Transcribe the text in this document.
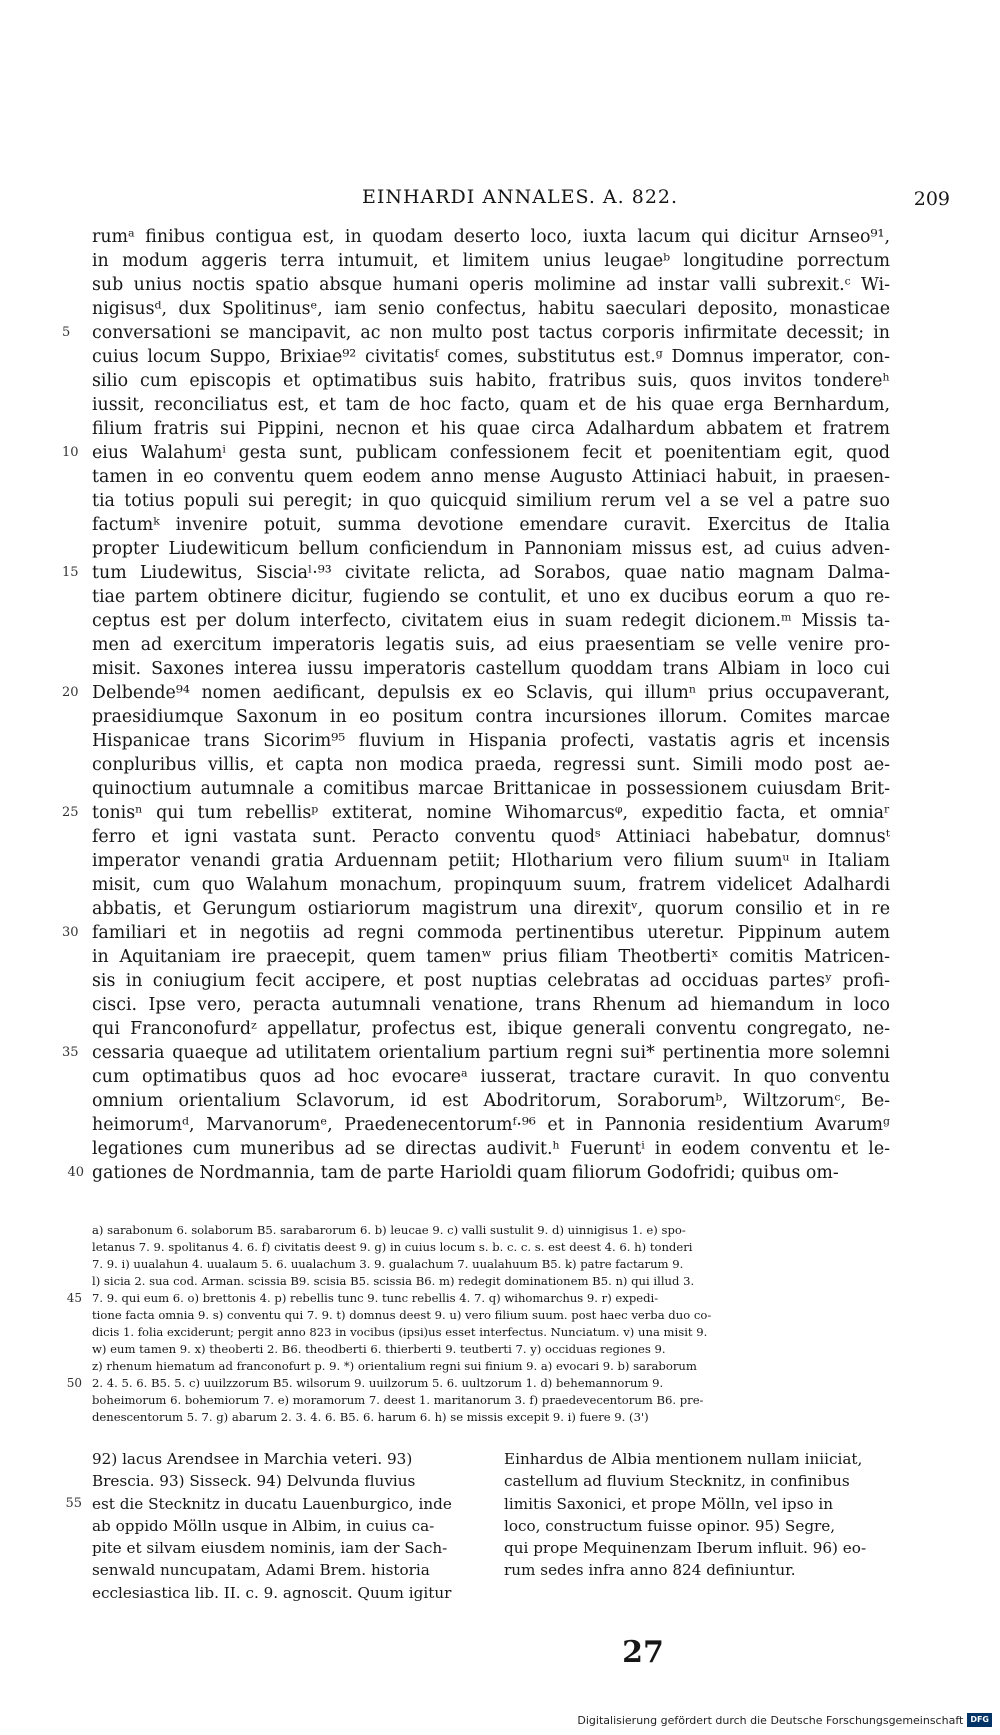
EINHARDI ANNALES. A. 822.	209
rumᵃ finibus contigua est, in quodam deserto loco, iuxta lacum qui dicitur Arnseo⁹¹,
in modum aggeris terra intumuit, et limitem unius leugaeᵇ longitudine porrectum
sub unius noctis spatio absque humani operis molimine ad instar valli subrexit.ᶜ Wi-
nigisusᵈ, dux Spolitinusᵉ, iam senio confectus, habitu saeculari deposito, monasticae
5	conversationi se mancipavit, ac non multo post tactus corporis infirmitate decessit; in
cuius locum Suppo, Brixiae⁹² civitatisᶠ comes, substitutus est.ᵍ Domnus imperator, con-
silio cum episcopis et optimatibus suis habito, fratribus suis, quos invitos tondereʰ
iussit, reconciliatus est, et tam de hoc facto, quam et de his quae erga Bernhardum,
filium fratris sui Pippini, necnon et his quae circa Adalhardum abbatem et fratrem
10 eius Walahumⁱ gesta sunt, publicam confessionem fecit et poenitentiam egit, quod
tamen in eo conventu quem eodem anno mense Augusto Attiniaci habuit, in praesen-
tia totius populi sui peregit; in quo quicquid similium rerum vel a se vel a patre suo
factumᵏ invenire potuit, summa devotione emendare curavit. Exercitus de Italia
propter Liudewiticum bellum conficiendum in Pannoniam missus est, ad cuius adven-
15 tum Liudewitus, Sisciaˡ·⁹³ civitate relicta, ad Sorabos, quae natio magnam Dalma-
tiae partem obtinere dicitur, fugiendo se contulit, et uno ex ducibus eorum a quo re-
ceptus est per dolum interfecto, civitatem eius in suam redegit dicionem.ᵐ Missis ta-
men ad exercitum imperatoris legatis suis, ad eius praesentiam se velle venire pro-
misit. Saxones interea iussu imperatoris castellum quoddam trans Albiam in loco cui
20 Delbende⁹⁴ nomen aedificant, depulsis ex eo Sclavis, qui illumⁿ prius occupaverant,
praesidiumque Saxonum in eo positum contra incursiones illorum. Comites marcae
Hispanicae trans Sicorim⁹⁵ fluvium in Hispania profecti, vastatis agris et incensis
conpluribus villis, et capta non modica praeda, regressi sunt. Simili modo post ae-
quinoctium autumnale a comitibus marcae Brittanicae in possessionem cuiusdam Brit-
25 tonisⁿ qui tum rebellisᵖ extiterat, nomine Wihomarcusᵠ, expeditio facta, et omniaʳ
ferro et igni vastata sunt. Peracto conventu quodˢ Attiniaci habebatur, domnusᵗ
imperator venandi gratia Arduennam petiit; Hlotharium vero filium suumᵘ in Italiam
misit, cum quo Walahum monachum, propinquum suum, fratrem videlicet Adalhardi
abbatis, et Gerungum ostiariorum magistrum una direxitᵛ, quorum consilio et in re
30 familiari et in negotiis ad regni commoda pertinentibus uteretur. Pippinum autem
in Aquitaniam ire praecepit, quem tamenʷ prius filiam Theotbertiˣ comitis Matricen-
sis in coniugium fecit accipere, et post nuptias celebratas ad occiduas partesʸ profi-
cisci. Ipse vero, peracta autumnali venatione, trans Rhenum ad hiemandum in loco
qui Franconofurdᶻ appellatur, profectus est, ibique generali conventu congregato, ne-
35 cessaria quaeque ad utilitatem orientalium partium regni sui* pertinentia more solemni
cum optimatibus quos ad hoc evocareᵃ iusserat, tractare curavit. In quo conventu
omnium orientalium Sclavorum, id est Abodritorum, Soraborumᵇ, Wiltzorumᶜ, Be-
heimorumᵈ, Marvanorumᵉ, Praedenecentorumᶠ·⁹⁶ et in Pannonia residentium Avarumᵍ
legationes cum muneribus ad se directas audivit.ʰ Fueruntⁱ in eodem conventu et le-
40 gationes de Nordmannia, tam de parte Harioldi quam filiorum Godofridi; quibus om-
a) sarabonum 6. solaborum B5. sarabarorum 6. b) leucae 9. c) valli sustulit 9. d) uinnigisus 1. e) spo-
letanus 7. 9. spolitanus 4. 6. f) civitatis deest 9. g) in cuius locum s. b. c. c. s. est deest 4. 6. h) tonderi
7. 9. i) uualahun 4. uualaum 5. 6. uualachum 3. 9. gualachum 7. uualahuum B5. k) patre factarum 9.
l) sicia 2. sua cod. Arman. scissia B9. scisia B5. scissia B6. m) redegit dominationem B5. n) qui illud 3.
45 7. 9. qui eum 6. o) brettonis 4. p) rebellis tunc 9. tunc rebellis 4. 7. q) wihomarchus 9. r) expedi-
tione facta omnia 9. s) conventu qui 7. 9. t) domnus deest 9. u) vero filium suum. post haec verba duo co-
dicis 1. folia exciderunt; pergit anno 823 in vocibus (ipsi)us esset interfectus. Nunciatum. v) una misit 9.
w) eum tamen 9. x) theoberti 2. B6. theodberti 6. thierberti 9. teutberti 7. y) occiduas regiones 9.
z) rhenum hiematum ad franconofurt p. 9. *) orientalium regni sui finium 9. a) evocari 9. b) saraborum
50 2. 4. 5. 6. B5. 5. c) uuilzzorum B5. wilsorum 9. uuilzorum 5. 6. uultzorum 1. d) behemannorum 9.
boheimorum 6. bohemiorum 7. e) moramorum 7. deest 1. maritanorum 3. f) praedevecentorum B6. pre-
denescentorum 5. 7. g) abarum 2. 3. 4. 6. B5. 6. harum 6. h) se missis excepit 9. i) fuere 9. (3')
92) lacus Arendsee in Marchia veteri. 93)
Brescia. 93) Sisseck. 94) Delvunda fluvius
55 est die Stecknitz in ducatu Lauenburgico, inde
ab oppido Mölln usque in Albim, in cuius ca-
pite et silvam eiusdem nominis, iam der Sach-
senwald nuncupatam, Adami Brem. historia
ecclesiastica lib. II. c. 9. agnoscit. Quum igitur
Einhardus de Albia mentionem nullam iniiciat,
castellum ad fluvium Stecknitz, in confinibus
limitis Saxonici, et prope Mölln, vel ipso in
loco, constructum fuisse opinor. 95) Segre,
qui prope Mequinenzam Iberum influit. 96) eo-
rum sedes infra anno 824 definiuntur.
27
Digitalisierung gefördert durch die Deutsche Forschungsgemeinschaft DFG
